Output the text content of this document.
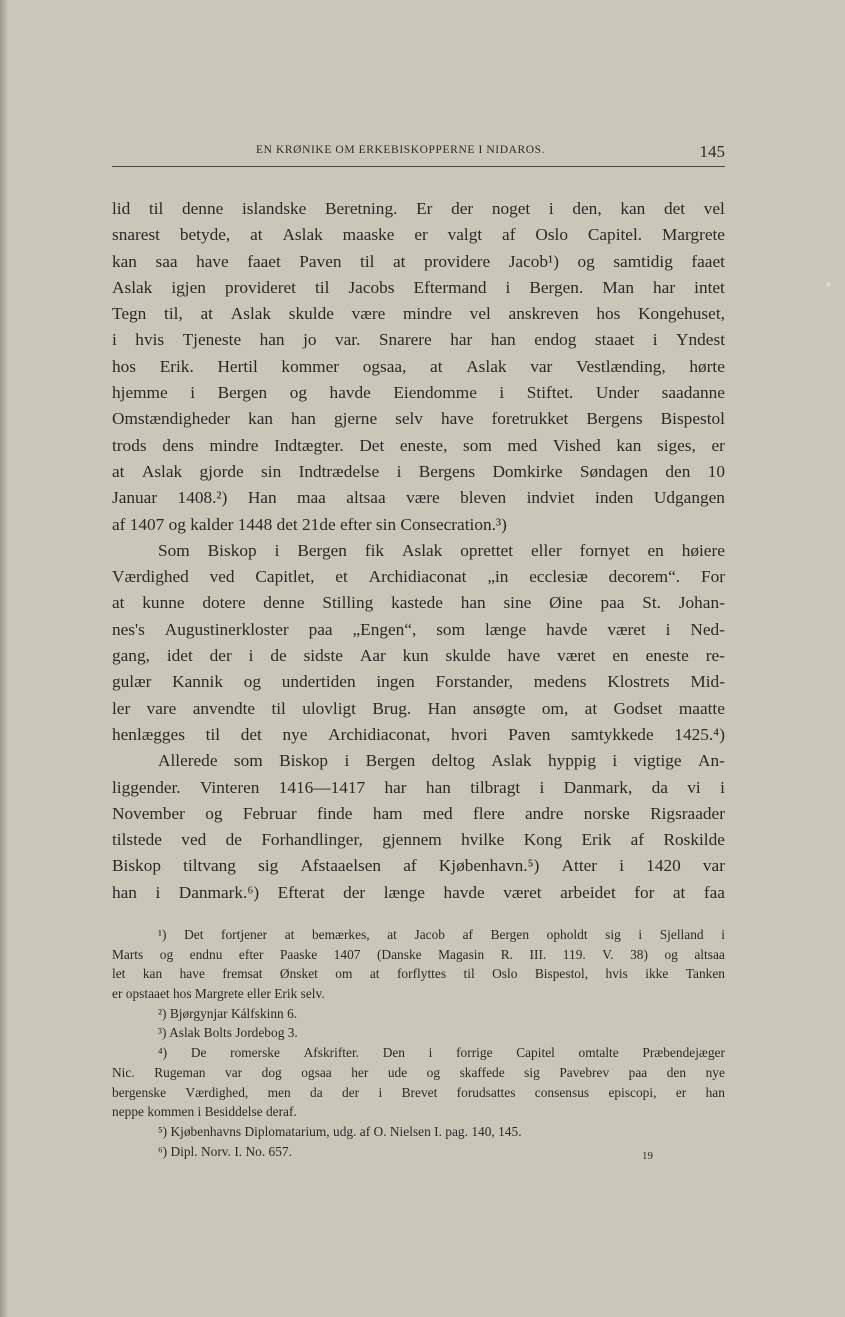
EN KRØNIKE OM ERKEBISKOPPERNE I NIDAROS.	145
lid til denne islandske Beretning. Er der noget i den, kan det vel
snarest betyde, at Aslak maaske er valgt af Oslo Capitel. Margrete
kan saa have faaet Paven til at providere Jacob¹) og samtidig faaet
Aslak igjen provideret til Jacobs Eftermand i Bergen. Man har intet
Tegn til, at Aslak skulde være mindre vel anskreven hos Kongehuset,
i hvis Tjeneste han jo var. Snarere har han endog staaet i Yndest
hos Erik. Hertil kommer ogsaa, at Aslak var Vestlænding, hørte
hjemme i Bergen og havde Eiendomme i Stiftet. Under saadanne
Omstændigheder kan han gjerne selv have foretrukket Bergens Bispestol
trods dens mindre Indtægter. Det eneste, som med Vished kan siges, er
at Aslak gjorde sin Indtrædelse i Bergens Domkirke Søndagen den 10
Januar 1408.²) Han maa altsaa være bleven indviet inden Udgangen
af 1407 og kalder 1448 det 21de efter sin Consecration.³)
Som Biskop i Bergen fik Aslak oprettet eller fornyet en høiere
Værdighed ved Capitlet, et Archidiaconat „in ecclesiæ decorem“. For
at kunne dotere denne Stilling kastede han sine Øine paa St. Johan-
nes's Augustinerkloster paa „Engen“, som længe havde været i Ned-
gang, idet der i de sidste Aar kun skulde have været en eneste re-
gulær Kannik og undertiden ingen Forstander, medens Klostrets Mid-
ler vare anvendte til ulovligt Brug. Han ansøgte om, at Godset maatte
henlægges til det nye Archidiaconat, hvori Paven samtykkede 1425.⁴)
Allerede som Biskop i Bergen deltog Aslak hyppig i vigtige An-
liggender. Vinteren 1416—1417 har han tilbragt i Danmark, da vi i
November og Februar finde ham med flere andre norske Rigsraader
tilstede ved de Forhandlinger, gjennem hvilke Kong Erik af Roskilde
Biskop tiltvang sig Afstaaelsen af Kjøbenhavn.⁵) Atter i 1420 var
han i Danmark.⁶) Efterat der længe havde været arbeidet for at faa
¹) Det fortjener at bemærkes, at Jacob af Bergen opholdt sig i Sjelland i
Marts og endnu efter Paaske 1407 (Danske Magasin R. III. 119. V. 38) og altsaa
let kan have fremsat Ønsket om at forflyttes til Oslo Bispestol, hvis ikke Tanken
er opstaaet hos Margrete eller Erik selv.
²) Bjørgynjar Kálfskinn 6.
³) Aslak Bolts Jordebog 3.
⁴) De romerske Afskrifter. Den i forrige Capitel omtalte Præbendejæger
Nic. Rugeman var dog ogsaa her ude og skaffede sig Pavebrev paa den nye
bergenske Værdighed, men da der i Brevet forudsattes consensus episcopi, er han
neppe kommen i Besiddelse deraf.
⁵) Kjøbenhavns Diplomatarium, udg. af O. Nielsen I. pag. 140, 145.
⁶) Dipl. Norv. I. No. 657.	19
